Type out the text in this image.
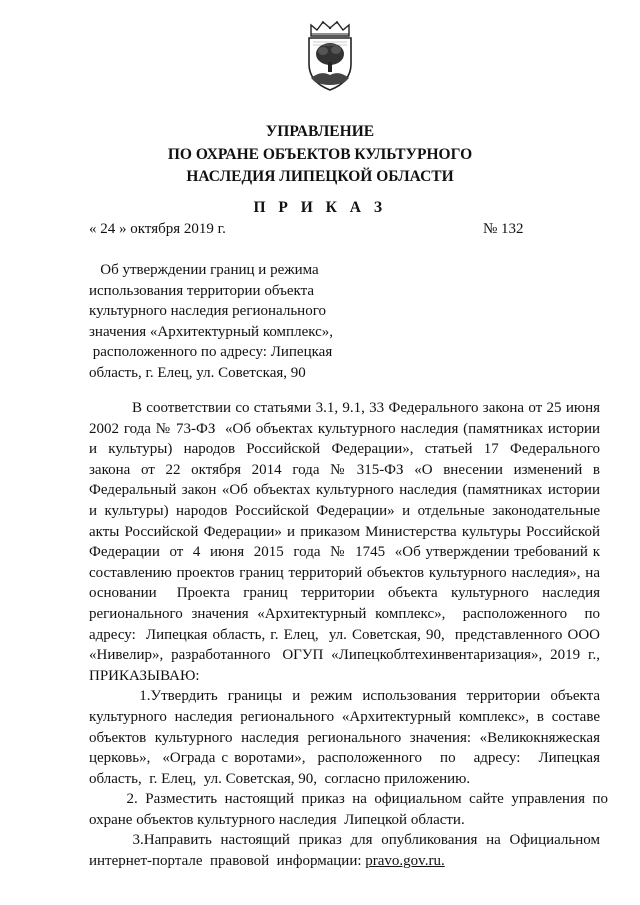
УПРАВЛЕНИЕ
ПО ОХРАНЕ ОБЪЕКТОВ КУЛЬТУРНОГО
НАСЛЕДИЯ ЛИПЕЦКОЙ ОБЛАСТИ
П Р И К А З
« 24 » октября 2019 г.	№ 132
Об утверждении границ и режима
использования территории объекта
культурного наследия регионального
значения «Архитектурный комплекс»,
расположенного по адресу: Липецкая
область, г. Елец, ул. Советская, 90

В соответствии со статьями 3.1, 9.1, 33 Федерального закона от 25 июня
2002 года № 73-ФЗ  «Об объектах культурного наследия (памятниках истории
и  культуры)  народов  Российской  Федерации»,  статьей  17  Федерального
закона  от  22  октября  2014  года  №  315-ФЗ  «О  внесении  изменений  в
Федеральный закон «Об объектах культурного наследия (памятниках истории
и культуры) народов Российской Федерации» и отдельные законодательные
акты Российской Федерации» и приказом Министерства культуры Российской
Федерации  от  4  июня  2015  года  №  1745  «Об утверждении требований к
составлению проектов границ территорий объектов культурного наследия», на
основании   Проекта  границ  территории  объекта  культурного  наследия
регионального  значения  «Архитектурный  комплекс»,    расположенного    по
адресу:  Липецкая область, г. Елец,  ул. Советская, 90,  представленного ООО
«Нивелир»,  разработанного   ОГУП  «Липецкоблтехинвентаризация»,  2019  г.,
ПРИКАЗЫВАЮ:

1.Утвердить  границы  и  режим  использования  территории  объекта
культурного наследия регионального «Архитектурный комплекс», в составе
объектов культурного наследия регионального значения: «Великокняжеская
церковь»,  «Ограда с воротами»,  расположенного   по   адресу:   Липецкая
область,  г. Елец,  ул. Советская, 90,  согласно приложению.

2.  Разместить  настоящий  приказ  на  официальном  сайте  управления  по
охране объектов культурного наследия  Липецкой области.

3.Направить  настоящий  приказ  для  опубликования  на  Официальном
интернет-портале  правовой  информации: pravo.gov.ru.
